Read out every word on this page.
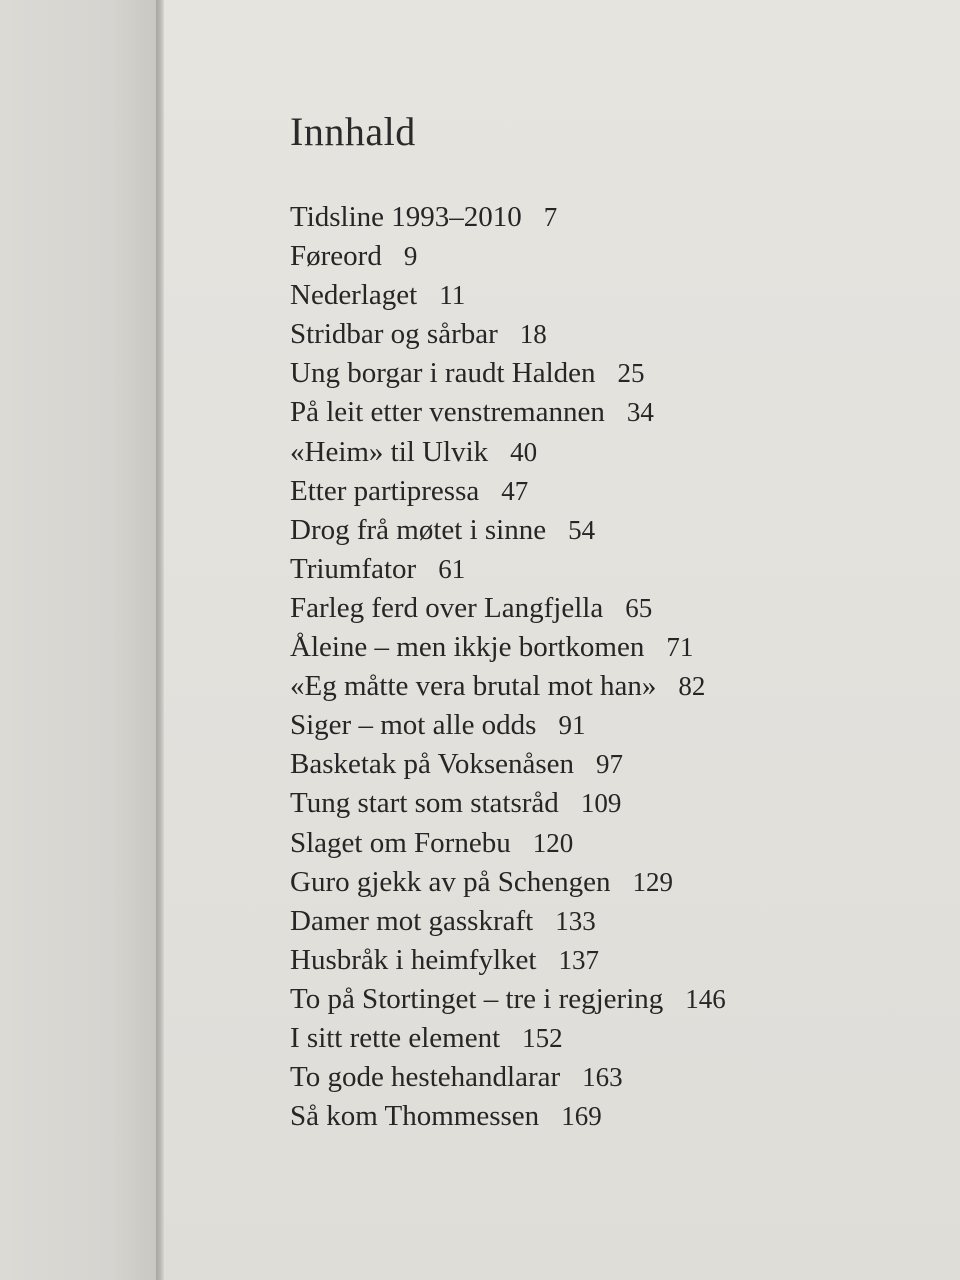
Innhald
Tidsline 1993–2010 7
Føreord 9
Nederlaget 11
Stridbar og sårbar 18
Ung borgar i raudt Halden 25
På leit etter venstremannen 34
«Heim» til Ulvik 40
Etter partipressa 47
Drog frå møtet i sinne 54
Triumfator 61
Farleg ferd over Langfjella 65
Åleine – men ikkje bortkomen 71
«Eg måtte vera brutal mot han» 82
Siger – mot alle odds 91
Basketak på Voksenåsen 97
Tung start som statsråd 109
Slaget om Fornebu 120
Guro gjekk av på Schengen 129
Damer mot gasskraft 133
Husbråk i heimfylket 137
To på Stortinget – tre i regjering 146
I sitt rette element 152
To gode hestehandlarar 163
Så kom Thommessen 169
